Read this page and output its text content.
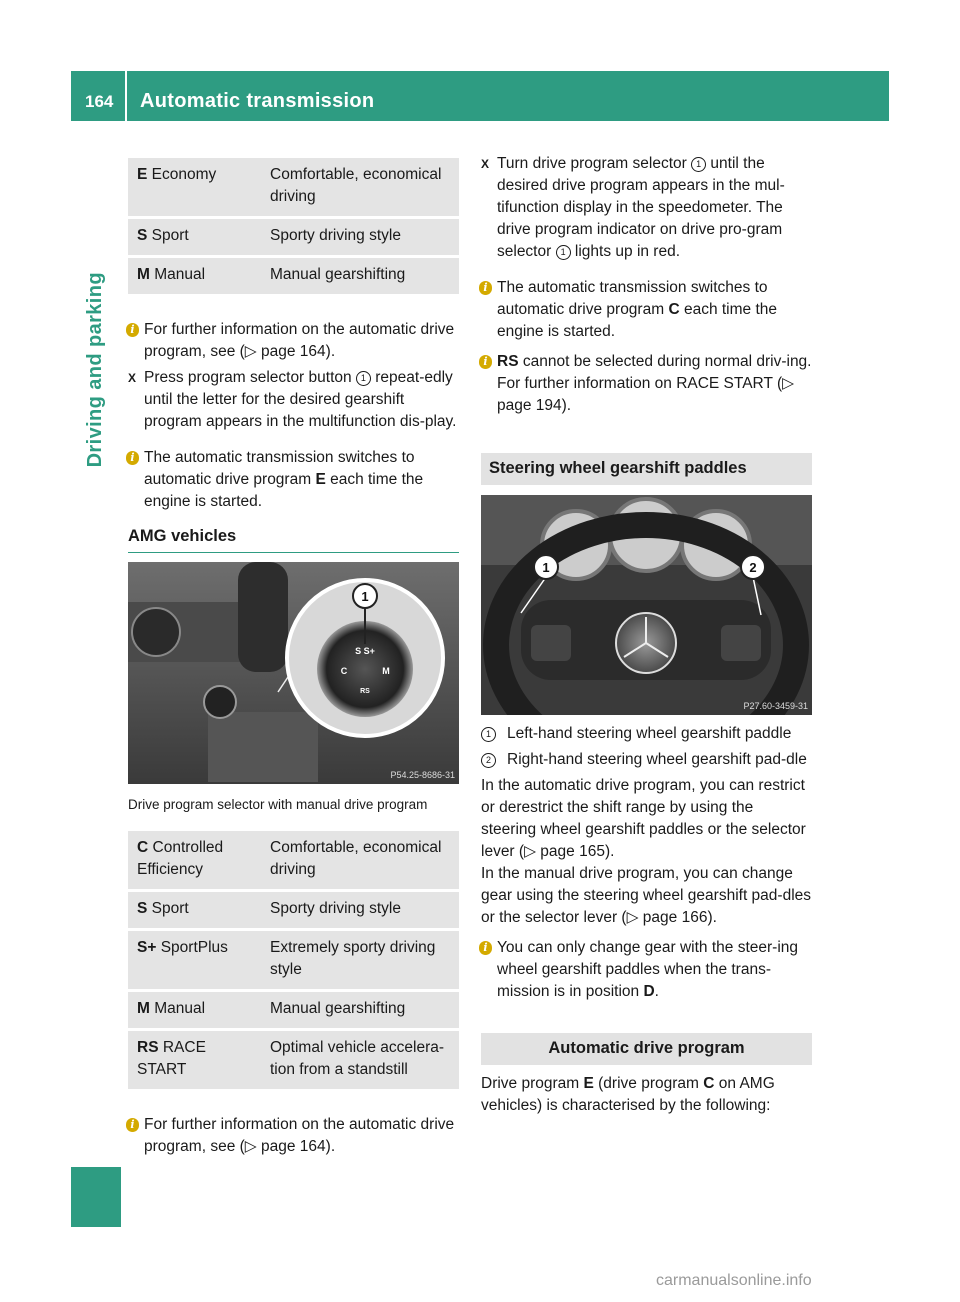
164 Automatic transmission
Driving and parking
E Economy	Comfortable, economical driving
S Sport	Sporty driving style
M Manual	Manual gearshifting
i For further information on the automatic drive program, see (▷ page 164).
X Press program selector button 1 repeat-edly until the letter for the desired gearshift program appears in the multifunction dis-play.
i The automatic transmission switches to automatic drive program E each time the engine is started.
AMG vehicles
1
S S+
C	M
RS
P54.25-8686-31
Drive program selector with manual drive program
C Controlled Efficiency	Comfortable, economical driving
S Sport	Sporty driving style
S+ SportPlus	Extremely sporty driving style
M Manual	Manual gearshifting
RS RACE START	Optimal vehicle accelera-tion from a standstill
i For further information on the automatic drive program, see (▷ page 164).
X Turn drive program selector 1 until the desired drive program appears in the mul-tifunction display in the speedometer. The drive program indicator on drive pro-gram selector 1 lights up in red.
i The automatic transmission switches to automatic drive program C each time the engine is started.
i RS cannot be selected during normal driv-ing. For further information on RACE START (▷ page 194).
Steering wheel gearshift paddles
1	2
P27.60-3459-31
1	Left-hand steering wheel gearshift paddle
2	Right-hand steering wheel gearshift pad-dle
In the automatic drive program, you can restrict or derestrict the shift range by using the steering wheel gearshift paddles or the selector lever (▷ page 165).
In the manual drive program, you can change gear using the steering wheel gearshift pad-dles or the selector lever (▷ page 166).
i You can only change gear with the steer-ing wheel gearshift paddles when the trans-mission is in position D.
Automatic drive program
Drive program E (drive program C on AMG vehicles) is characterised by the following:
carmanualsonline.info
